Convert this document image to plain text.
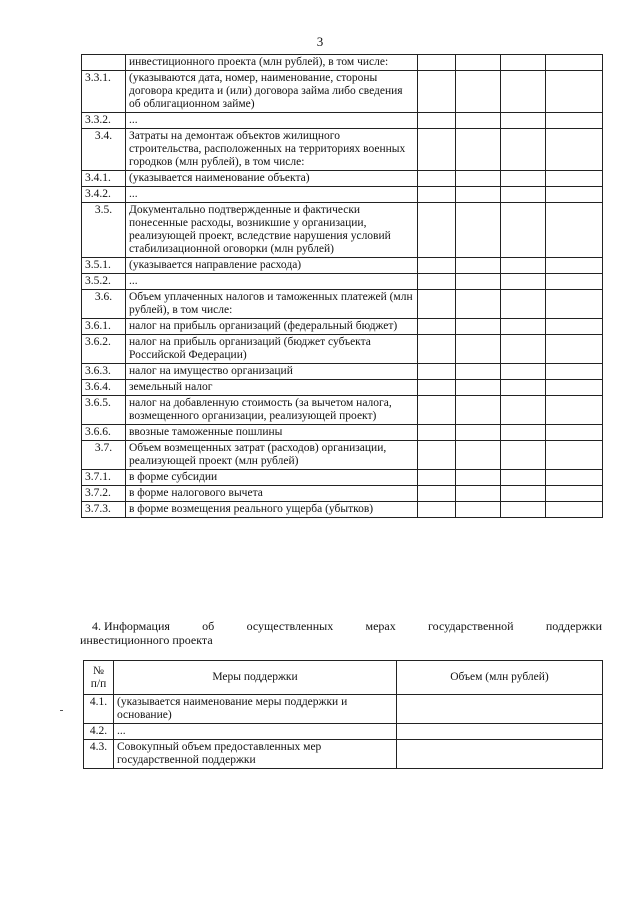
3
	инвестиционного проекта (млн рублей), в том числе:				
3.3.1.	(указываются дата, номер, наименование, стороны договора кредита и (или) договора займа либо сведения об облигационном займе)				
3.3.2.	...				
3.4.	Затраты на демонтаж объектов жилищного строительства, расположенных на территориях военных городков (млн рублей), в том числе:				
3.4.1.	(указывается наименование объекта)				
3.4.2.	...				
3.5.	Документально подтвержденные и фактически понесенные расходы, возникшие у организации, реализующей проект, вследствие нарушения условий стабилизационной оговорки (млн рублей)				
3.5.1.	(указывается направление расхода)				
3.5.2.	...				
3.6.	Объем уплаченных налогов и таможенных платежей (млн рублей), в том числе:				
3.6.1.	налог на прибыль организаций (федеральный бюджет)				
3.6.2.	налог на прибыль организаций (бюджет субъекта Российской Федерации)				
3.6.3.	налог на имущество организаций				
3.6.4.	земельный налог				
3.6.5.	налог на добавленную стоимость (за вычетом налога, возмещенного организации, реализующей проект)				
3.6.6.	ввозные таможенные пошлины				
3.7.	Объем возмещенных затрат (расходов) организации, реализующей проект (млн рублей)				
3.7.1.	в форме субсидии				
3.7.2.	в форме налогового вычета				
3.7.3.	в форме возмещения реального ущерба (убытков)				
4. Информация	об	осуществленных	мерах	государственной	поддержки
инвестиционного проекта
№
п/п	Меры поддержки	Объем (млн рублей)
4.1.	(указывается наименование меры поддержки и основание)	
4.2.	...	
4.3.	Совокупный объем предоставленных мер государственной поддержки	
